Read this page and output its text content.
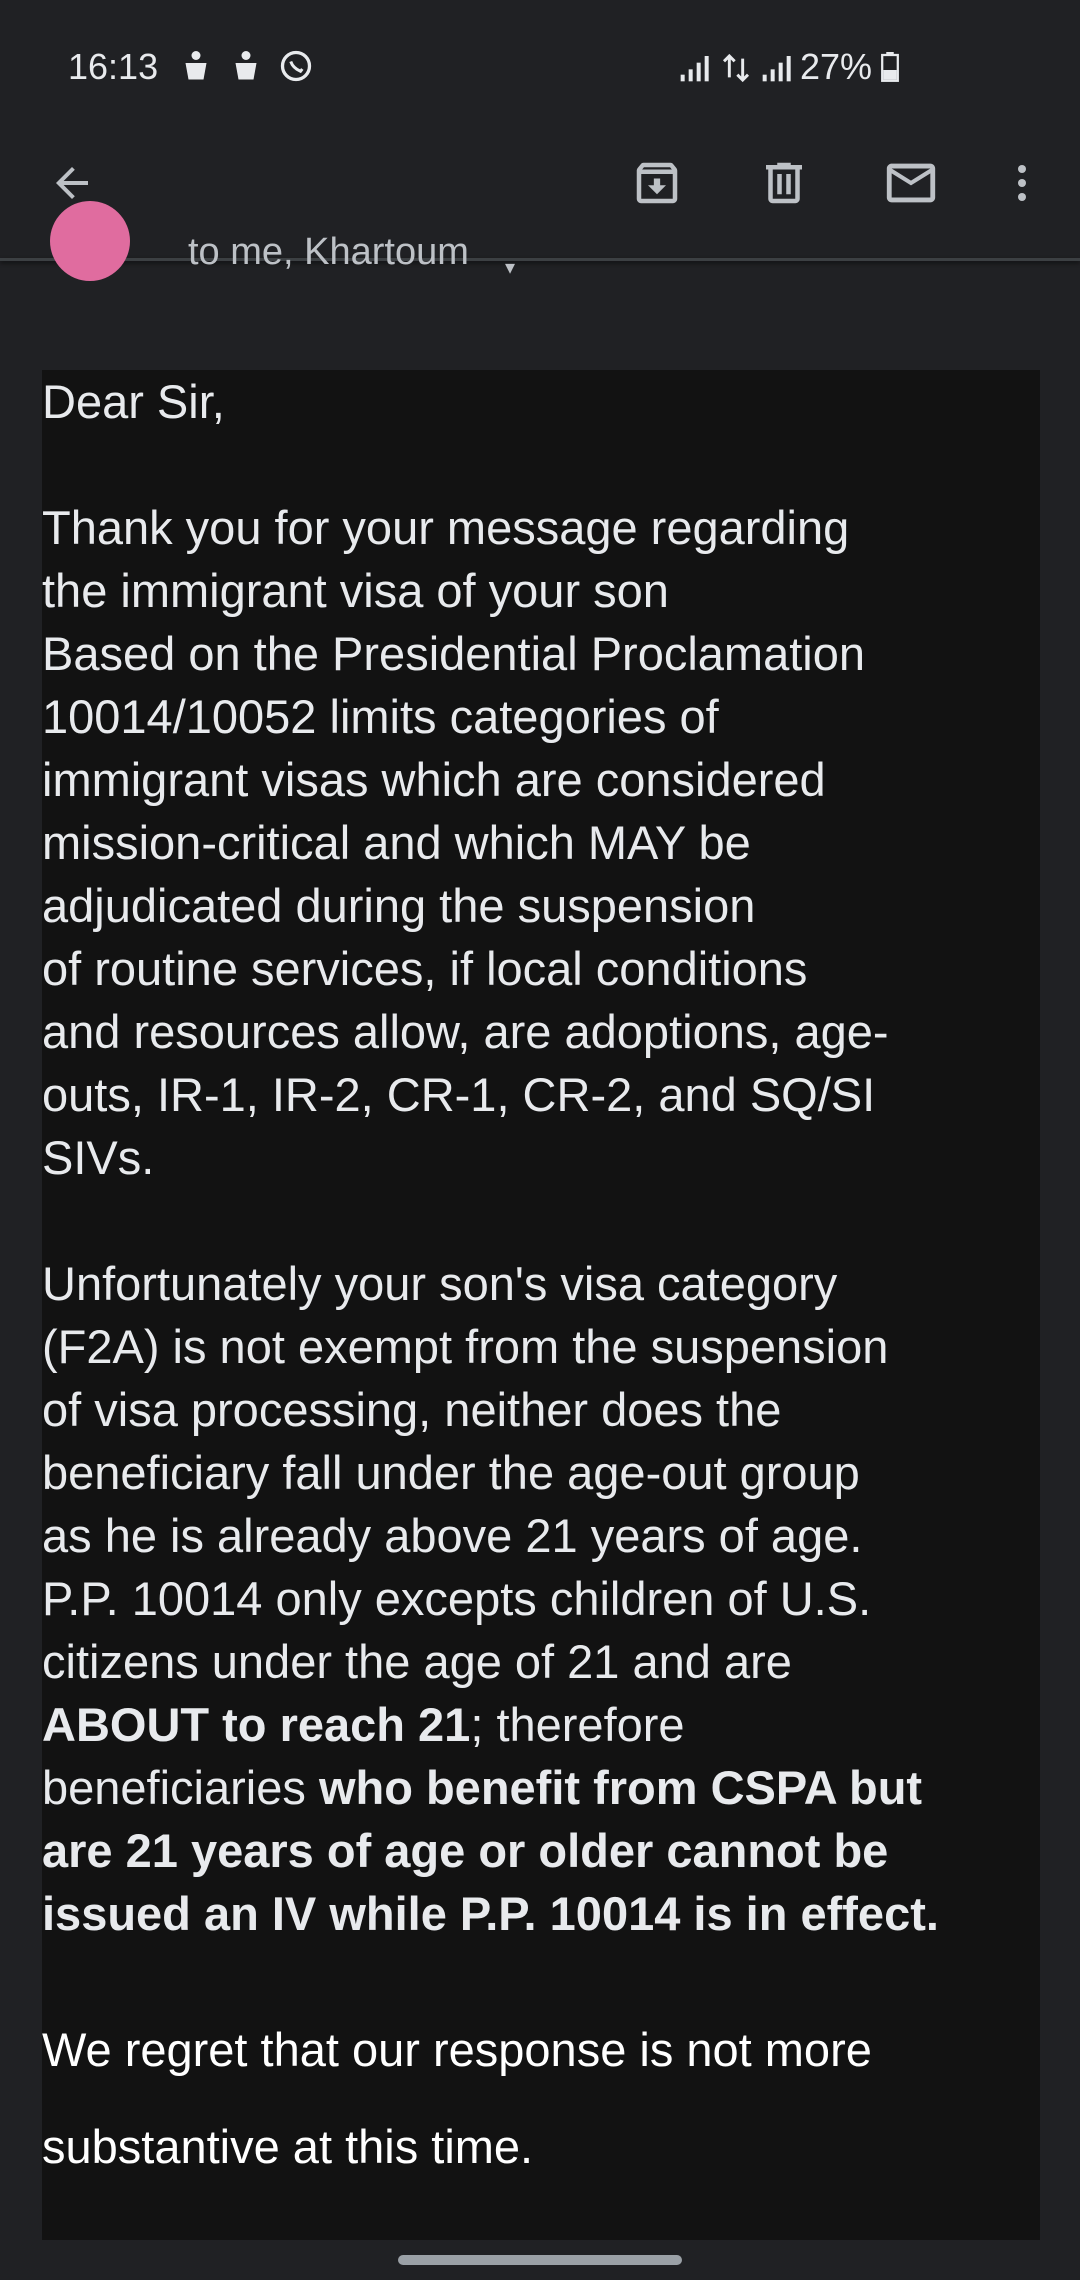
16:13	27%
to me, Khartoum ▾
Dear Sir,
Thank you for your message regarding
the immigrant visa of your son
Based on the Presidential Proclamation
10014/10052 limits categories of
immigrant visas which are considered
mission-critical and which MAY be
adjudicated during the suspension
of routine services, if local conditions
and resources allow, are adoptions, age-
outs, IR-1, IR-2, CR-1, CR-2, and SQ/SI
SIVs.
Unfortunately your son's visa category
(F2A) is not exempt from the suspension
of visa processing, neither does the
beneficiary fall under the age-out group
as he is already above 21 years of age.
P.P. 10014 only excepts children of U.S.
citizens under the age of 21 and are
ABOUT to reach 21; therefore
beneficiaries who benefit from CSPA but
are 21 years of age or older cannot be
issued an IV while P.P. 10014 is in effect.
We regret that our response is not more
substantive at this time.
